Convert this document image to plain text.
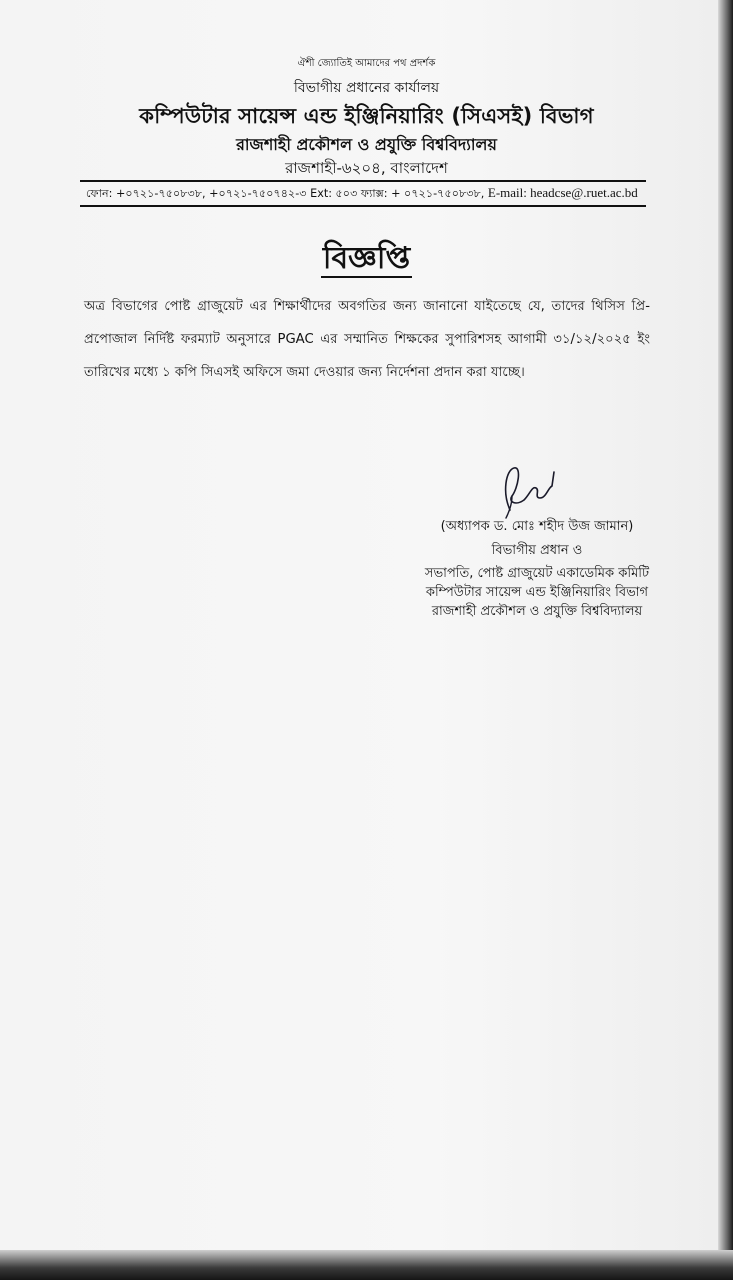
ঐশী জ্যোতিই আমাদের পথ প্রদর্শক
বিভাগীয় প্রধানের কার্যালয়
কম্পিউটার সায়েন্স এন্ড ইঞ্জিনিয়ারিং (সিএসই) বিভাগ
রাজশাহী প্রকৌশল ও প্রযুক্তি বিশ্ববিদ্যালয়
রাজশাহী-৬২০৪, বাংলাদেশ
ফোন: +০৭২১-৭৫০৮৩৮, +০৭২১-৭৫০৭৪২-৩ Ext: ৫০৩ ফ্যাক্স: + ০৭২১-৭৫০৮৩৮, E-mail: headcse@.ruet.ac.bd
বিজ্ঞপ্তি
অত্র বিভাগের পোষ্ট গ্রাজুয়েট এর শিক্ষার্থীদের অবগতির জন্য জানানো যাইতেছে যে, তাদের থিসিস প্রি-প্রপোজাল নির্দিষ্ট ফরম্যাট অনুসারে PGAC এর সম্মানিত শিক্ষকের সুপারিশসহ আগামী ৩১/১২/২০২৫ ইং তারিখের মধ্যে ১ কপি সিএসই অফিসে জমা দেওয়ার জন্য নির্দেশনা প্রদান করা যাচ্ছে।
(অধ্যাপক ড. মোঃ শহীদ উজ জামান)
বিভাগীয় প্রধান ও
সভাপতি, পোষ্ট গ্রাজুয়েট একাডেমিক কমিটি
কম্পিউটার সায়েন্স এন্ড ইঞ্জিনিয়ারিং বিভাগ
রাজশাহী প্রকৌশল ও প্রযুক্তি বিশ্ববিদ্যালয়
